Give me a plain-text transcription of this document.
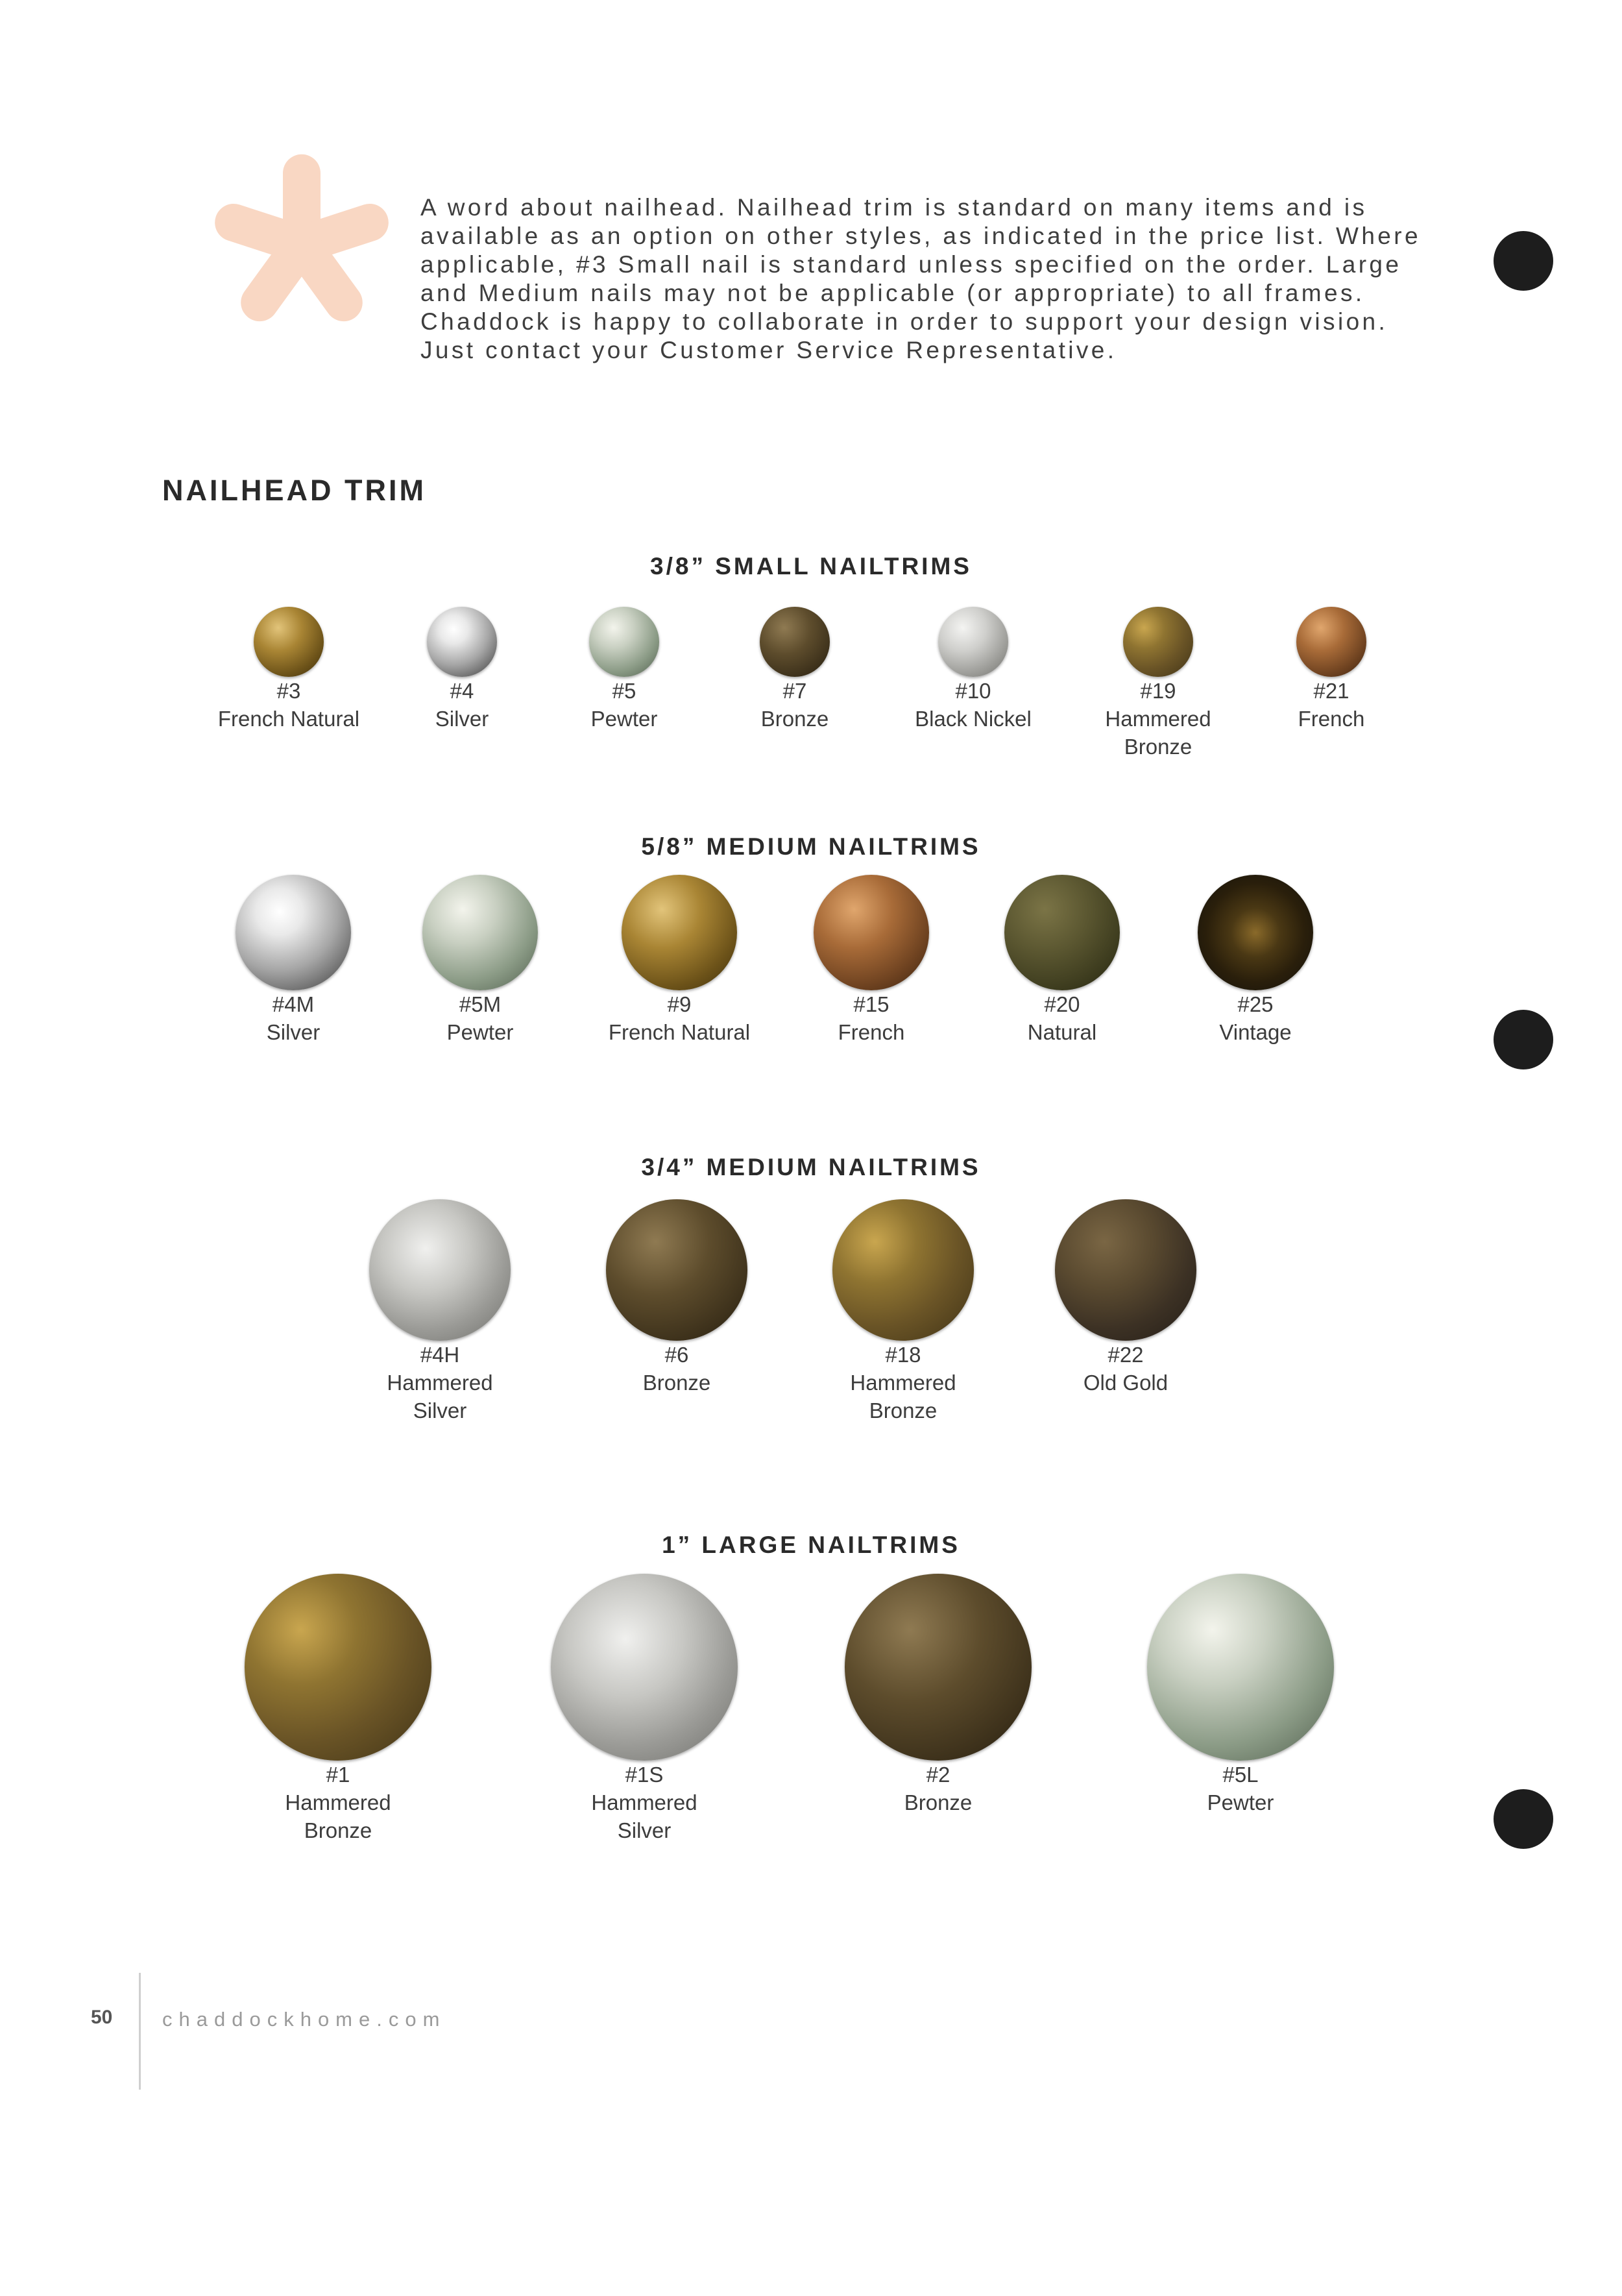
A word about nailhead. Nailhead trim is standard on many items and is
available as an option on other styles, as indicated in the price list. Where
applicable, #3 Small nail is standard unless specified on the order. Large
and Medium nails may not be applicable (or appropriate) to all frames.
Chaddock is happy to collaborate in order to support your design vision.
Just contact your Customer Service Representative.

NAILHEAD TRIM
3/8” SMALL NAILTRIMS
5/8” MEDIUM NAILTRIMS
3/4” MEDIUM NAILTRIMS
1” LARGE NAILTRIMS
#3
French Natural
#4
Silver
#5
Pewter
#7
Bronze
#10
Black Nickel
#19
Hammered
Bronze
#21
French
#4M
Silver
#5M
Pewter
#9
French Natural
#15
French
#20
Natural
#25
Vintage
#4H
Hammered
Silver
#6
Bronze
#18
Hammered
Bronze
#22
Old Gold
#1
Hammered
Bronze
#1S
Hammered
Silver
#2
Bronze
#5L
Pewter
50 chaddockhome.com
